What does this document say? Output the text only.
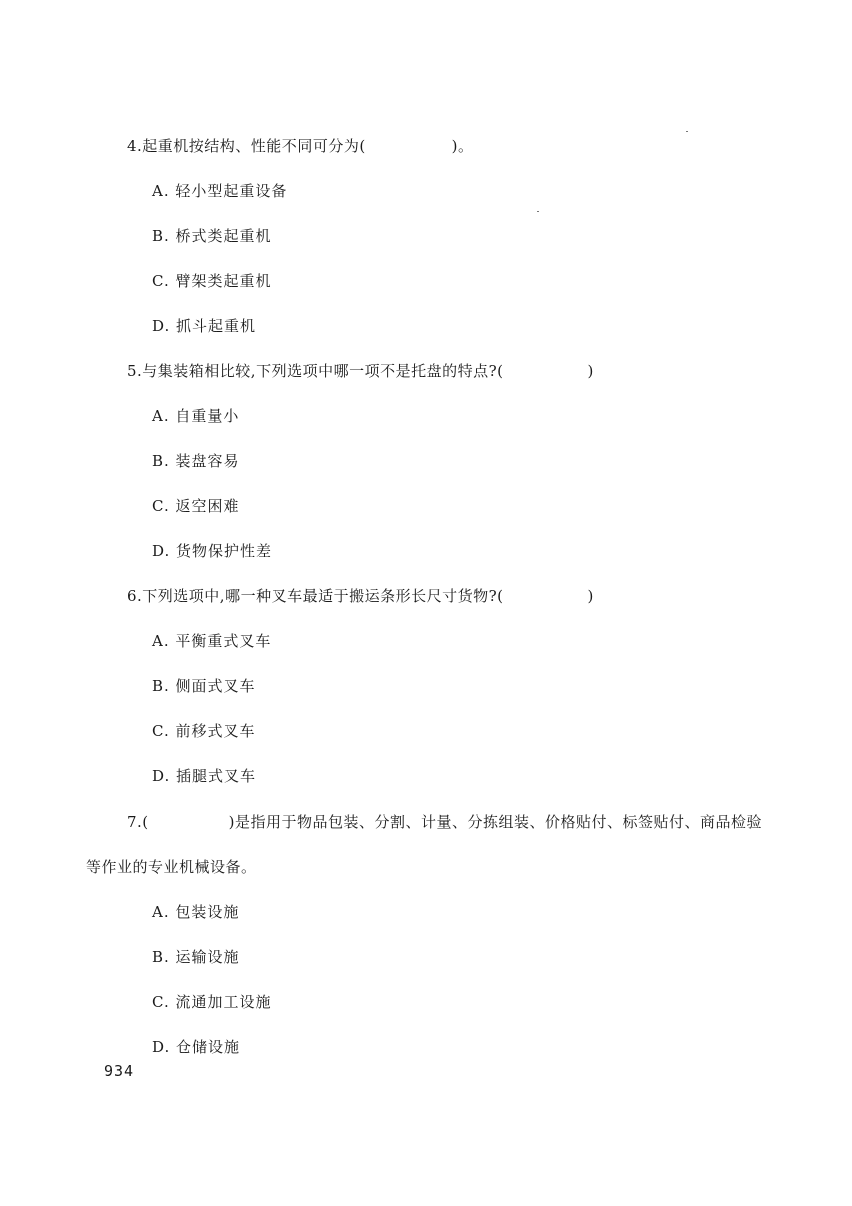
4.起重机按结构、性能不同可分为(	)。
A. 轻小型起重设备
B. 桥式类起重机
C. 臂架类起重机
D. 抓斗起重机
5.与集装箱相比较,下列选项中哪一项不是托盘的特点?(	)
A. 自重量小
B. 装盘容易
C. 返空困难
D. 货物保护性差
6.下列选项中,哪一种叉车最适于搬运条形长尺寸货物?(	)
A. 平衡重式叉车
B. 侧面式叉车
C. 前移式叉车
D. 插腿式叉车
7.(	)是指用于物品包装、分割、计量、分拣组装、价格贴付、标签贴付、商品检验
等作业的专业机械设备。
A. 包装设施
B. 运输设施
C. 流通加工设施
D. 仓储设施
934
